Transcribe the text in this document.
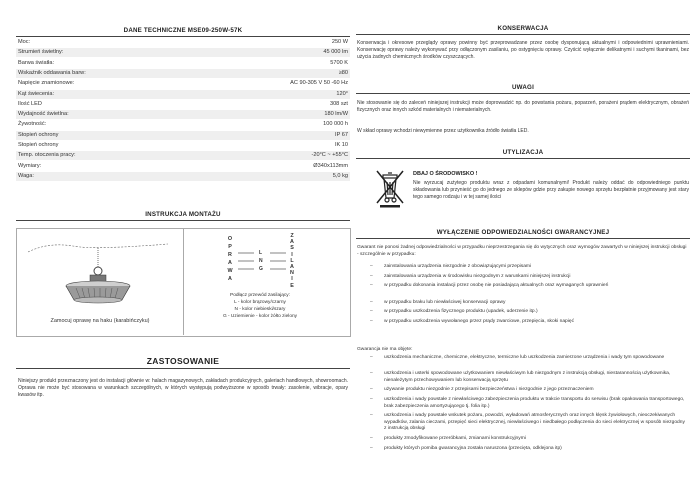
DANE TECHNICZNE MSE09-250W-57K
Moc:	250 W
Strumień świetlny:	45 000 lm
Barwa światła:	5700 K
Wskaźnik oddawania barw:	≥80
Napięcie znamionowe:	AC 90-305 V 50 -60 Hz
Kąt świecenia:	120°
Ilość LED	308 szt
Wydajność świetlna:	180 lm/W
Żywotność:	100 000 h
Stopień ochrony	IP 67
Stopień ochrony	IK 10
Temp. otoczenia pracy:	-20°C ~ +55°C
Wymiary:	Ø340x113mm
Waga:	5,0 kg
INSTRUKCJA MONTAŻU
Zamocuj oprawę na haku (karabińczyku)
O
P
R
A
W
A
Z
A
S
I
L
A
N
I
E
L
N
G
Podłącz przewód zasilający:
L - kolor brązowy/czarny
N - kolor niebieski/szary
G - Uziemienie - kolor żółto zielony
ZASTOSOWANIE
Niniejszy produkt przeznaczony jest do instalacji głównie w: halach magazynowych, zakładach produkcyjnych, galeriach handlowych, showroomach. Oprawa nie może być stosowana w warunkach szczególnych, w których występują podwyższone w sposób trwały: zasolenie, wibracje, opary kwasów itp.
KONSERWACJA
Konserwacja i okresowe przeglądy oprawy powinny być przeprowadzane przez osobę dysponującą aktualnymi i odpowiednimi uprawnieniami. Konserwację oprawy należy wykonywać przy odłączonym zasilaniu, po ostygnięciu oprawy. Czyścić wyłącznie delikatnymi i suchymi tkaninami, bez użycia żadnych chemicznych środków czyszczących.
UWAGI
Nie stosowanie się do zaleceń niniejszej instrukcji może doprowadzić np. do powstania pożaru, poparzeń, porażeni prądem elektrycznym, obrażeń fizycznych oraz innych szkód materialnych i niematerialnych.
W skład oprawy wchodzi niewymienne przez użytkownika źródło światła LED.
UTYLIZACJA
DBAJ O ŚRODOWISKO !
Nie wyrzucaj zużytego produktu wraz z odpadami komunalnymi! Produkt należy oddać do odpowiedniego punktu składowania lub przynieść go do jednego ze sklepów gdzie przy zakupie nowego sprzętu bezpłatnie przyjmowany jest stary tego samego rodzaju i w tej samej ilości
WYŁĄCZENIE ODPOWIEDZIALNOŚCI GWARANCYJNEJ
Gwarant nie ponosi żadnej odpowiedzialności w przypadku nieprzestrzegania się do wytycznych oraz wymogów zawartych w niniejszej instrukcji obsługi - szczególnie w przypadku:
– zainstalowania urządzenia niezgodnie z obowiązującymi przepisami
– zainstalowania urządzenia w środowisku niezgodnym z warunkami niniejszej instrukcji
– w przypadku dokonania instalacji przez osobę nie posiadającą aktualnych oraz wymaganych uprawnień
– w przypadku braku lub niewłaściwej konserwacji oprawy
– w przypadku uszkodzenia fizycznego produktu (upadek, uderzenie itp.)
– w przypadku uszkodzenia wywołanego przez prądy zwarciowe, przepięcia, skoki napięć
Gwarancja nie ma objęte:
– uszkodzenia mechaniczne, chemiczne, elektryczne, termiczne lub uszkodzenia zamierzone urządzenia i wady tym spowodowane
– uszkodzenia i usterki spowodowane użytkowaniem niewłaściwym lub niezgodnym z instrukcją obsługi, niestarannością użytkownika, nienależytym przechowywaniem lub konserwacją sprzętu
– używanie produktu niezgodnie z przepisami bezpieczeństwa i niezgodnie z jego przeznaczeniem
– uszkodzenia i wady powstałe z niewłaściwego zabezpieczenia produktu w trakcie transportu do serwisu (brak opakowania transportowego, brak zabezpieczenia amortyzującego tj. folia itp.)
– uszkodzenia i wady powstałe wskutek pożaru, powodzi, wyładowań atmosferycznych oraz innych klęsk żywiołowych, nieoczekiwanych wypadków, zalania cieczami, przepięć sieci elektrycznej, niewłaściwego i niedbałego podłączenia do sieci elektrycznej w sposób niezgodny z instrukcją obsługi
– produkty zmodyfikowane przeróbkami, zmianami konstrukcyjnymi
– produkty których pomiba gwarancyjna została naruszona (przecięta, odklejona itp)
